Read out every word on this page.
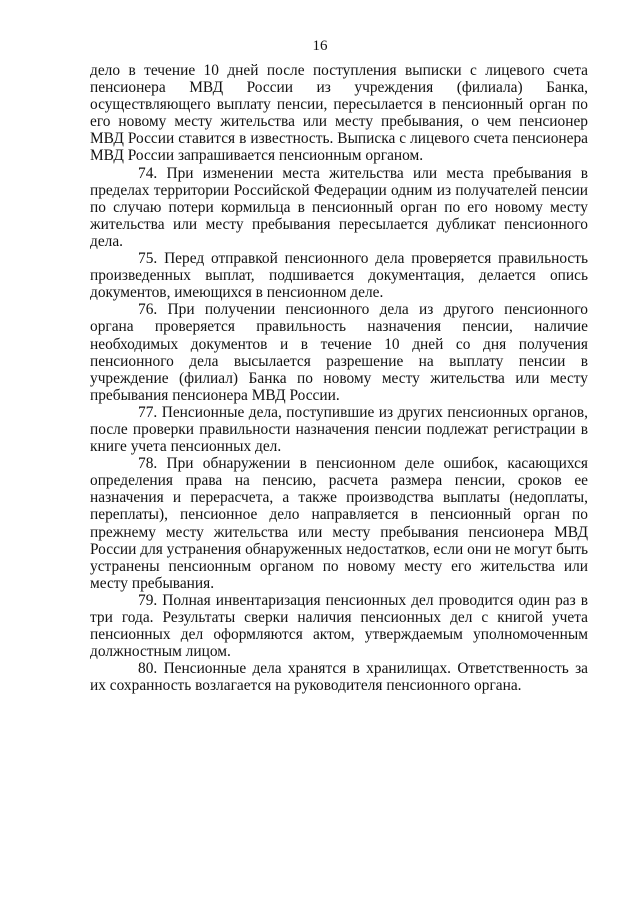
16

дело в течение 10 дней после поступления выписки с лицевого счета пенсионера МВД России из учреждения (филиала) Банка, осуществляющего выплату пенсии, пересылается в пенсионный орган по его новому месту жительства или месту пребывания, о чем пенсионер МВД России ставится в известность. Выписка с лицевого счета пенсионера МВД России запрашивается пенсионным органом.

74. При изменении места жительства или места пребывания в пределах территории Российской Федерации одним из получателей пенсии по случаю потери кормильца в пенсионный орган по его новому месту жительства или месту пребывания пересылается дубликат пенсионного дела.

75. Перед отправкой пенсионного дела проверяется правильность произведенных выплат, подшивается документация, делается опись документов, имеющихся в пенсионном деле.

76. При получении пенсионного дела из другого пенсионного органа проверяется правильность назначения пенсии, наличие необходимых документов и в течение 10 дней со дня получения пенсионного дела высылается разрешение на выплату пенсии в учреждение (филиал) Банка по новому месту жительства или месту пребывания пенсионера МВД России.

77. Пенсионные дела, поступившие из других пенсионных органов, после проверки правильности назначения пенсии подлежат регистрации в книге учета пенсионных дел.

78. При обнаружении в пенсионном деле ошибок, касающихся определения права на пенсию, расчета размера пенсии, сроков ее назначения и перерасчета, а также производства выплаты (недоплаты, переплаты), пенсионное дело направляется в пенсионный орган по прежнему месту жительства или месту пребывания пенсионера МВД России для устранения обнаруженных недостатков, если они не могут быть устранены пенсионным органом по новому месту его жительства или месту пребывания.

79. Полная инвентаризация пенсионных дел проводится один раз в три года. Результаты сверки наличия пенсионных дел с книгой учета пенсионных дел оформляются актом, утверждаемым уполномоченным должностным лицом.

80. Пенсионные дела хранятся в хранилищах. Ответственность за их сохранность возлагается на руководителя пенсионного органа.
